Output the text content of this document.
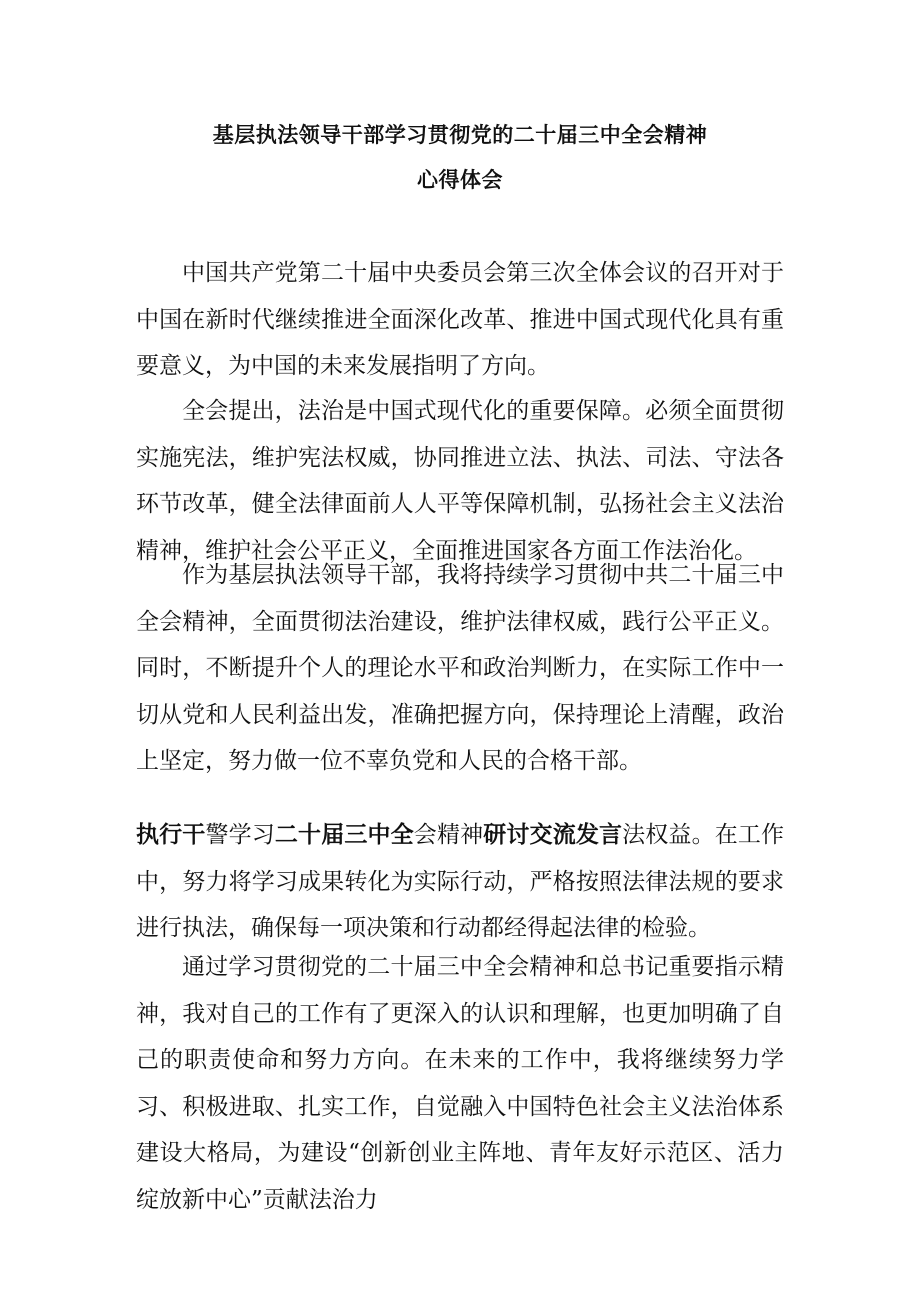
基层执法领导干部学习贯彻党的二十届三中全会精神
心得体会

中国共产党第二十届中央委员会第三次全体会议的召开对于中国在新时代继续推进全面深化改革、推进中国式现代化具有重要意义，为中国的未来发展指明了方向。

全会提出，法治是中国式现代化的重要保障。必须全面贯彻实施宪法，维护宪法权威，协同推进立法、执法、司法、守法各环节改革，健全法律面前人人平等保障机制，弘扬社会主义法治精神，维护社会公平正义，全面推进国家各方面工作法治化。

作为基层执法领导干部，我将持续学习贯彻中共二十届三中全会精神，全面贯彻法治建设，维护法律权威，践行公平正义。同时，不断提升个人的理论水平和政治判断力，在实际工作中一切从党和人民利益出发，准确把握方向，保持理论上清醒，政治上坚定，努力做一位不辜负党和人民的合格干部。

执行干警学习二十届三中全会精神研讨交流发言法权益。在工作中，努力将学习成果转化为实际行动，严格按照法律法规的要求进行执法，确保每一项决策和行动都经得起法律的检验。

通过学习贯彻党的二十届三中全会精神和总书记重要指示精神，我对自己的工作有了更深入的认识和理解，也更加明确了自己的职责使命和努力方向。在未来的工作中，我将继续努力学习、积极进取、扎实工作，自觉融入中国特色社会主义法治体系建设大格局，为建设“创新创业主阵地、青年友好示范区、活力绽放新中心”贡献法治力
